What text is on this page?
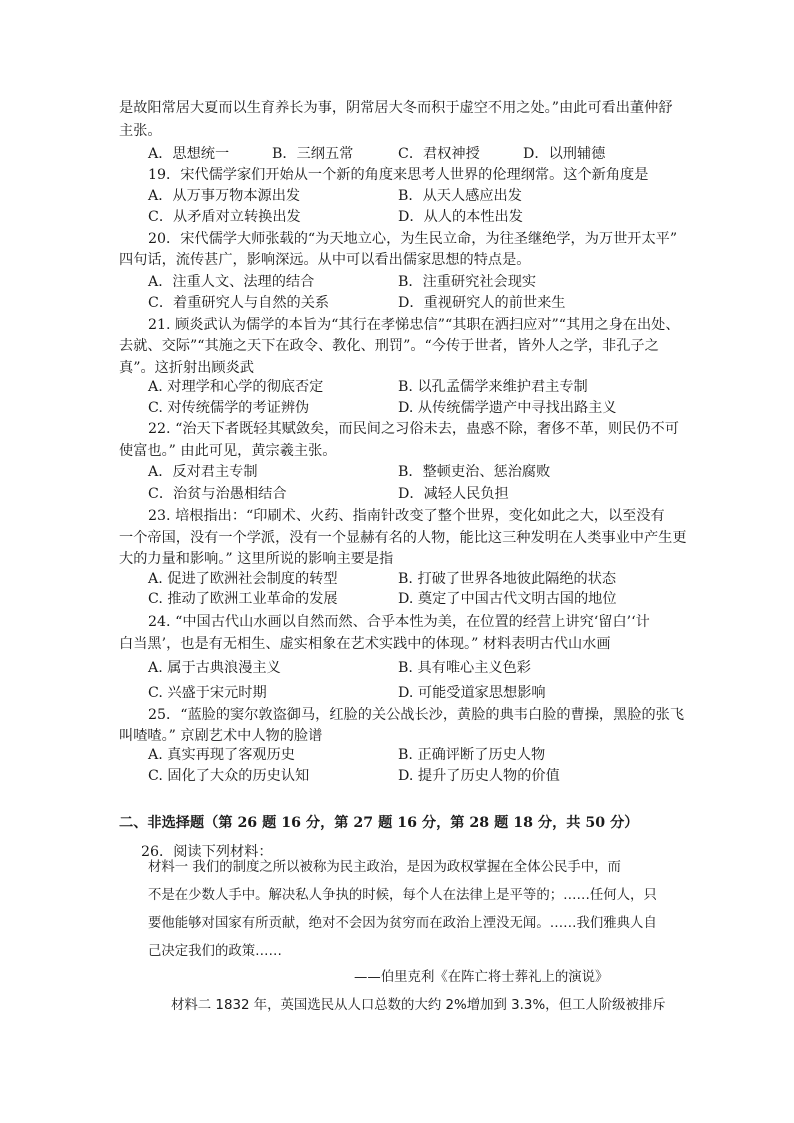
是故阳常居大夏而以生育养长为事，阴常居大冬而积于虚空不用之处。”由此可看出董仲舒
主张。
A．思想统一	B．三纲五常	C．君权神授	D．以刑辅德
19．宋代儒学家们开始从一个新的角度来思考人世界的伦理纲常。这个新角度是
A．从万事万物本源出发	B．从天人感应出发
C．从矛盾对立转换出发	D．从人的本性出发
20．宋代儒学大师张载的“为天地立心，为生民立命，为往圣继绝学，为万世开太平”
四句话，流传甚广，影响深远。从中可以看出儒家思想的特点是。
A．注重人文、法理的结合	B．注重研究社会现实
C．着重研究人与自然的关系	D．重视研究人的前世来生
21. 顾炎武认为儒学的本旨为“其行在孝悌忠信”“其职在洒扫应对”“其用之身在出处、
去就、交际”“其施之天下在政令、教化、刑罚”。“今传于世者，皆外人之学，非孔子之
真”。这折射出顾炎武
A. 对理学和心学的彻底否定	B. 以孔孟儒学来维护君主专制
C. 对传统儒学的考证辨伪	D. 从传统儒学遗产中寻找出路主义
22. “治天下者既轻其赋敛矣，而民间之习俗未去，蛊惑不除，奢侈不革，则民仍不可
使富也。” 由此可见，黄宗羲主张。
A．反对君主专制	B．整顿吏治、惩治腐败
C．治贫与治愚相结合	D．减轻人民负担
23. 培根指出：“印刷术、火药、指南针改变了整个世界，变化如此之大，以至没有
一个帝国，没有一个学派，没有一个显赫有名的人物，能比这三种发明在人类事业中产生更
大的力量和影响。” 这里所说的影响主要是指
A. 促进了欧洲社会制度的转型	B. 打破了世界各地彼此隔绝的状态
C. 推动了欧洲工业革命的发展	D. 奠定了中国古代文明古国的地位
24. “中国古代山水画以自然而然、合乎本性为美，在位置的经营上讲究‘留白’‘计
白当黑’，也是有无相生、虚实相象在艺术实践中的体现。” 材料表明古代山水画
A. 属于古典浪漫主义	B. 具有唯心主义色彩
C. 兴盛于宋元时期	D. 可能受道家思想影响
25．“蓝脸的窦尔敦盗御马，红脸的关公战长沙，黄脸的典韦白脸的曹操，黑脸的张飞
叫喳喳。” 京剧艺术中人物的脸谱
A. 真实再现了客观历史	B. 正确评断了历史人物
C. 固化了大众的历史认知	D. 提升了历史人物的价值
二、非选择题（第 26 题 16 分，第 27 题 16 分，第 28 题 18 分，共 50 分）
26．阅读下列材料：
材料一 我们的制度之所以被称为民主政治，是因为政权掌握在全体公民手中，而
不是在少数人手中。解决私人争执的时候，每个人在法律上是平等的；……任何人，只
要他能够对国家有所贡献，绝对不会因为贫穷而在政治上湮没无闻。……我们雅典人自
己决定我们的政策……
——伯里克利《在阵亡将士葬礼上的演说》
材料二 1832 年，英国选民从人口总数的大约 2%增加到 3.3%，但工人阶级被排斥
